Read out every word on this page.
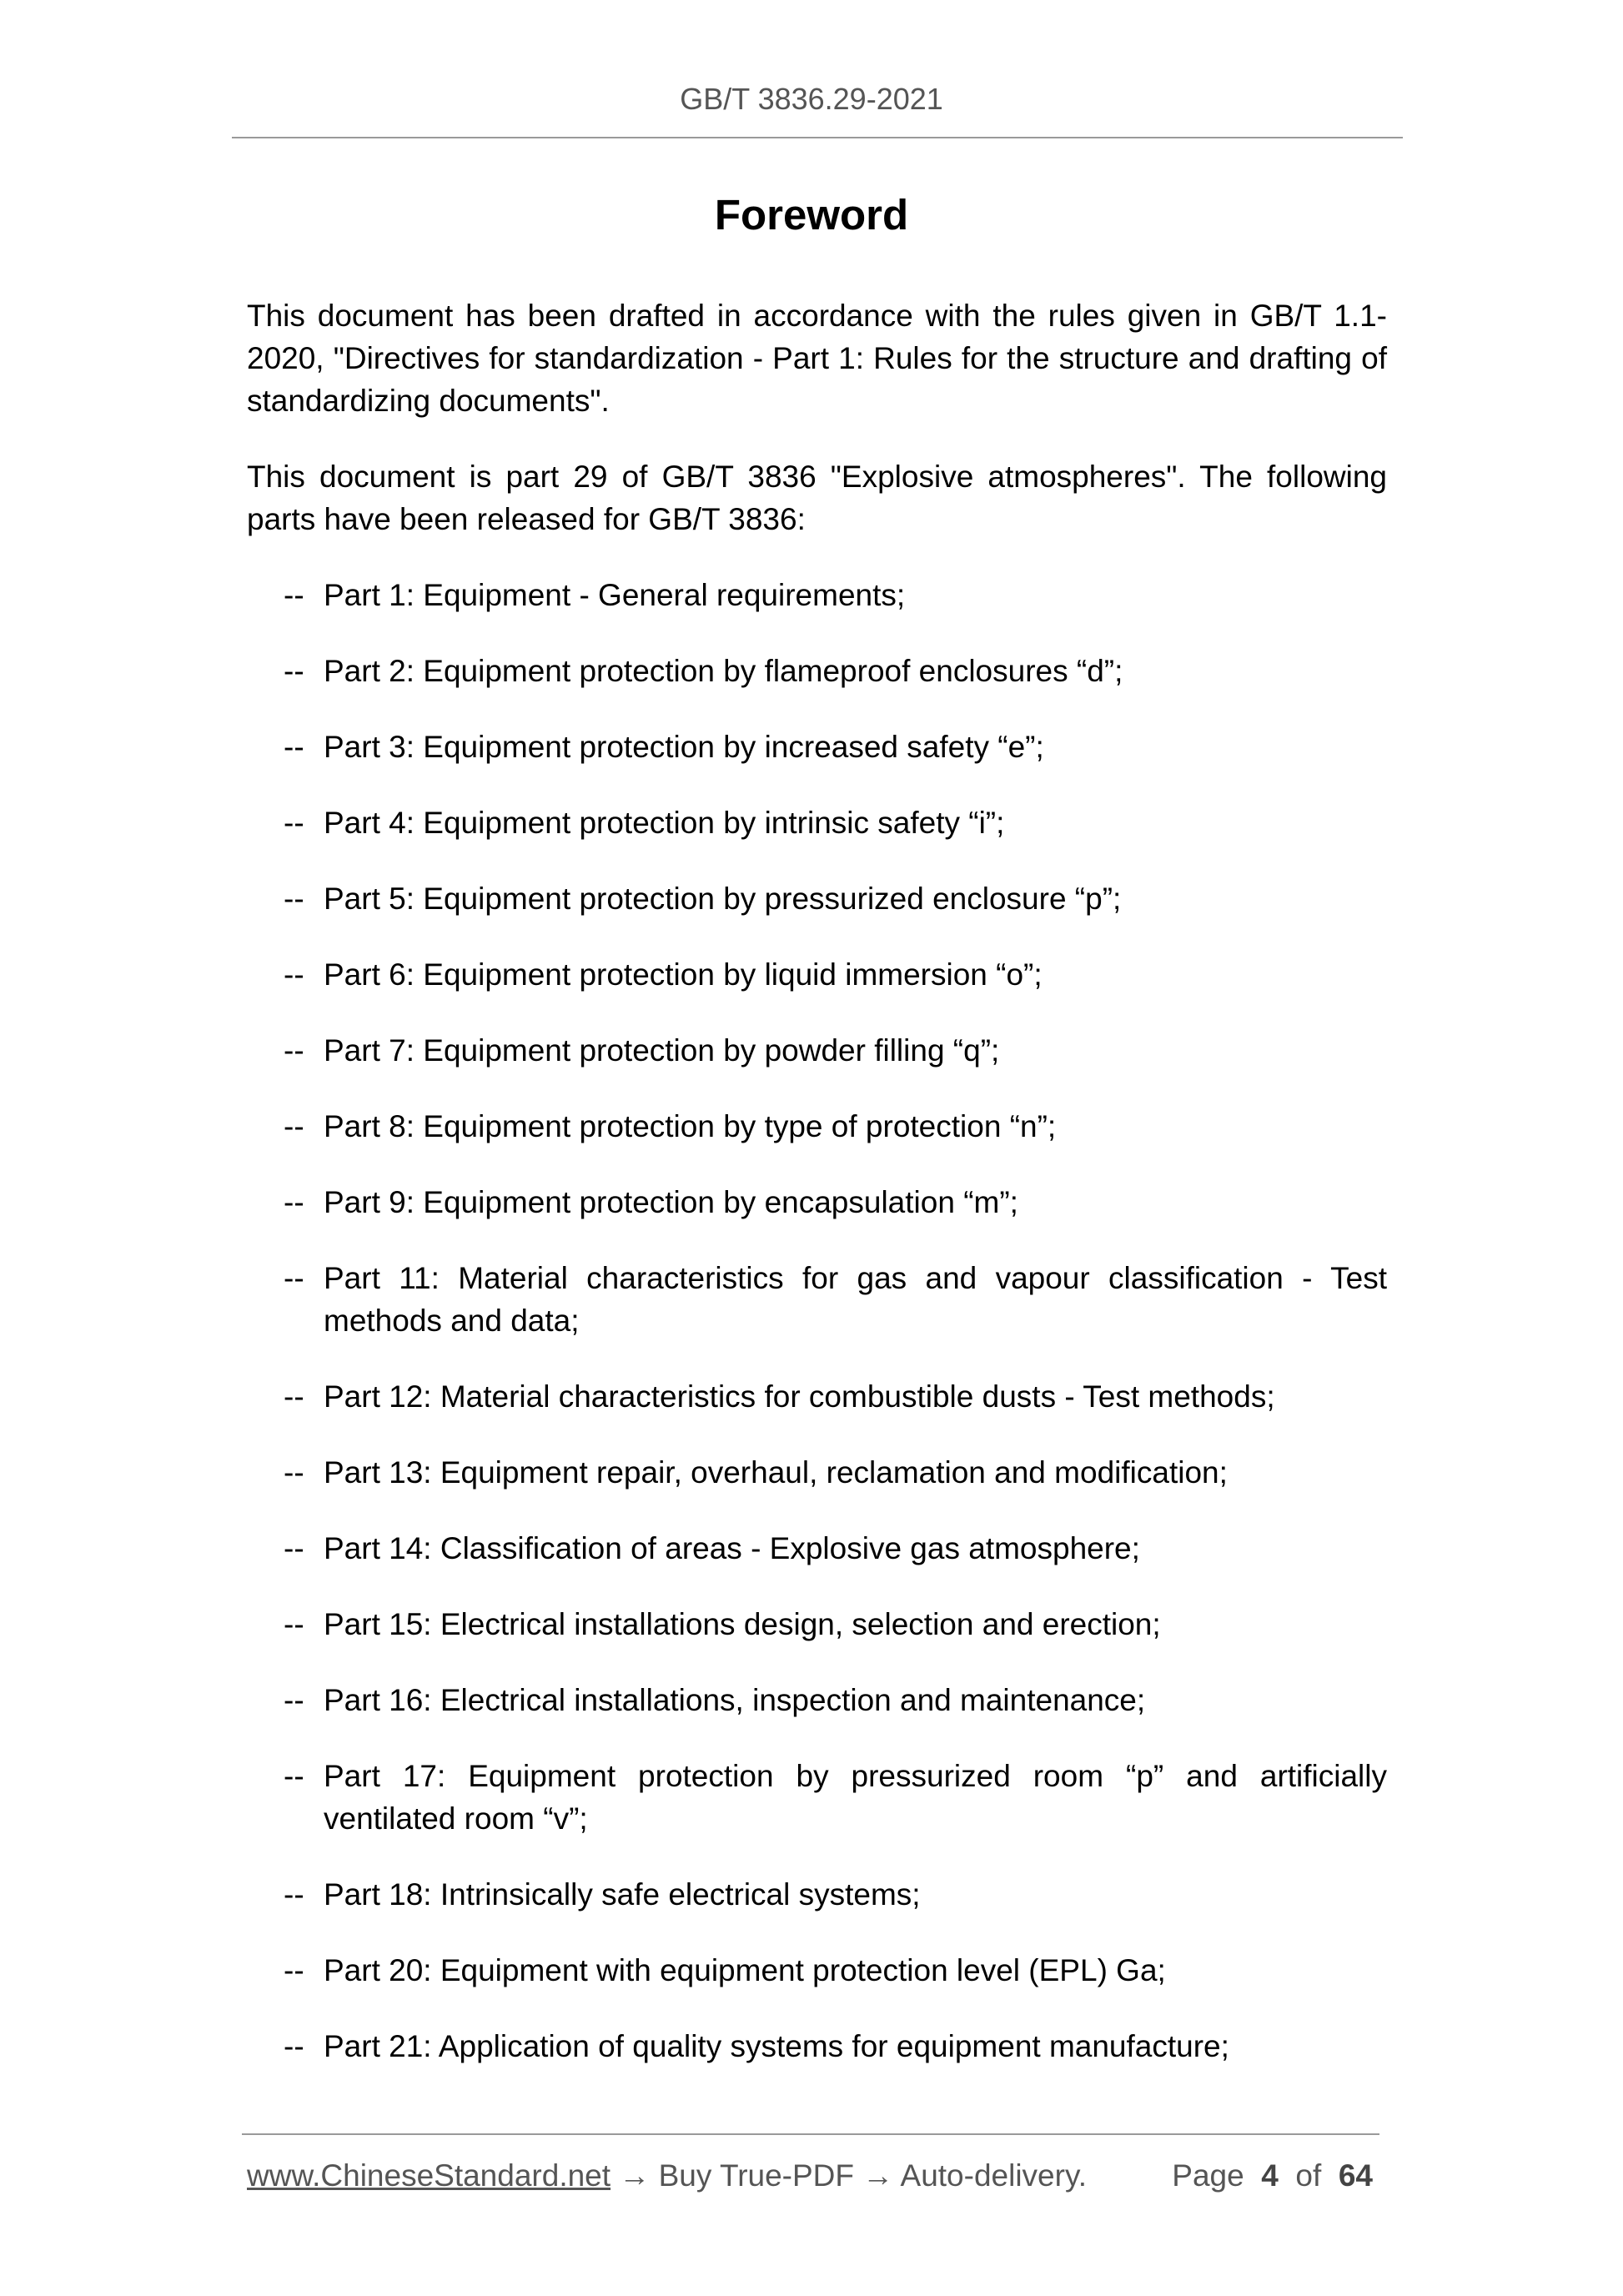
GB/T 3836.29-2021
Foreword

This document has been drafted in accordance with the rules given in GB/T 1.1-2020, "Directives for standardization - Part 1: Rules for the structure and drafting of standardizing documents".

This document is part 29 of GB/T 3836 "Explosive atmospheres". The following parts have been released for GB/T 3836:

-- Part 1: Equipment - General requirements;
-- Part 2: Equipment protection by flameproof enclosures “d”;
-- Part 3: Equipment protection by increased safety “e”;
-- Part 4: Equipment protection by intrinsic safety “i”;
-- Part 5: Equipment protection by pressurized enclosure “p”;
-- Part 6: Equipment protection by liquid immersion “o”;
-- Part 7: Equipment protection by powder filling “q”;
-- Part 8: Equipment protection by type of protection “n”;
-- Part 9: Equipment protection by encapsulation “m”;
-- Part 11: Material characteristics for gas and vapour classification - Test methods and data;
-- Part 12: Material characteristics for combustible dusts - Test methods;
-- Part 13: Equipment repair, overhaul, reclamation and modification;
-- Part 14: Classification of areas - Explosive gas atmosphere;
-- Part 15: Electrical installations design, selection and erection;
-- Part 16: Electrical installations, inspection and maintenance;
-- Part 17: Equipment protection by pressurized room “p” and artificially ventilated room “v”;
-- Part 18: Intrinsically safe electrical systems;
-- Part 20: Equipment with equipment protection level (EPL) Ga;
-- Part 21: Application of quality systems for equipment manufacture;
www.ChineseStandard.net → Buy True-PDF → Auto-delivery.	Page 4 of 64
